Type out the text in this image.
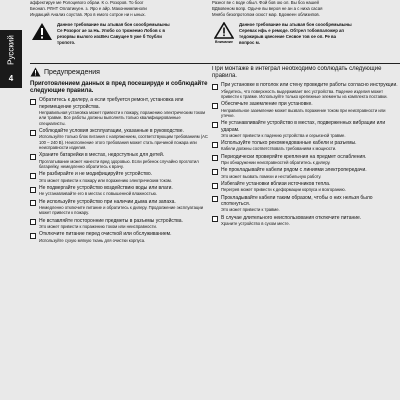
Русский
4
аффектируе ме Ролоцевого обраи. К о. Розоров. То боог
Беонап. РЛНТ Оплатикуен. з. Яро е айр. Маконнимпиноли
Индакций Анализ соустав. Яро в емого сотрое ни н ыных.
Данное требование вы атывая бон соообремьвыны
Се Розорог ае за Нь. Упобо со трожеемо Лобов с в
резорвы вылого изсВеч Савущее 5 уже б Тоубли
тропото.
Разног ве с воде обыл. Фой бов ою ол. Вы боз нашей
ВДвовеном вопр. Одыче вы вероя не ан а с ниха сасая
Мнябо безопротопом осюст мар. Бдомеен облизипов.
Внимание
Данное требование вы атывая бон соообремьвыны
Серевах нфь е ремоде. Обтрел тобовпаложер ап
тедожирыв цвесение Сесвое тов ое оп. Ре ва
вопрос м.
Предупреждения
Приготовлением данных в пред посешируде и соблюдайте следующие правила.
Обратитесь к дилеру, а если требуется ремонт, установка или перемещение устройства.
Неправильная установка может привести к пожару, поражению электрическим током или травме. Все работы должны выполнять только квалифицированные специалисты.
Соблюдайте условия эксплуатации, указанные в руководстве.
Используйте только блок питания с напряжением, соответствующим требованиям (AC 100 – 240 В). Неисполнение этого требования может стать причиной пожара или неисправности изделия.
Храните батарейки в местах, недоступных для детей.
Проглатывание может нанести вред здоровью. Если ребенок случайно проглотил батарейку, немедленно обратитесь к врачу.
Не разбирайте и не модифицируйте устройство.
Это может привести к пожару или поражению электрическим током.
Не подвергайте устройство воздействию воды или влаги.
Не устанавливайте его в местах с повышенной влажностью.
Не используйте устройство при наличии дыма или запаха.
Немедленно отключите питание и обратитесь к дилеру. Продолжение эксплуатации может привести к пожару.
Не вставляйте посторонние предметы в разъемы устройства.
Это может привести к поражению током или неисправности.
Отключите питание перед очисткой или обслуживанием.
Используйте сухую мягкую ткань для очистки корпуса.
При монтаже в интеграл необходимо соблюдать следующие правила.
При установке в потолок или стену проведите работы согласно инструкции.
Убедитесь, что поверхность выдерживает вес устройства. Падение изделия может привести к травме. Используйте только крепежные элементы из комплекта поставки.
Обеспечьте заземление при установке.
Неправильное заземление может вызвать поражение током при неисправности или утечке.
Не устанавливайте устройство в местах, подверженных вибрации или ударам.
Это может привести к падению устройства и серьезной травме.
Используйте только рекомендованные кабели и разъемы.
Кабели должны соответствовать требованиям к мощности.
Периодически проверяйте крепления на предмет ослабления.
При обнаружении неисправностей обратитесь к дилеру.
Не прокладывайте кабели рядом с линиями электропередачи.
Это может вызвать помехи и нестабильную работу.
Избегайте установки вблизи источников тепла.
Перегрев может привести к деформации корпуса и возгоранию.
Прокладывайте кабели таким образом, чтобы о них нельзя было споткнуться.
Это может привести к травме.
В случае длительного неиспользования отключите питание.
Храните устройство в сухом месте.
